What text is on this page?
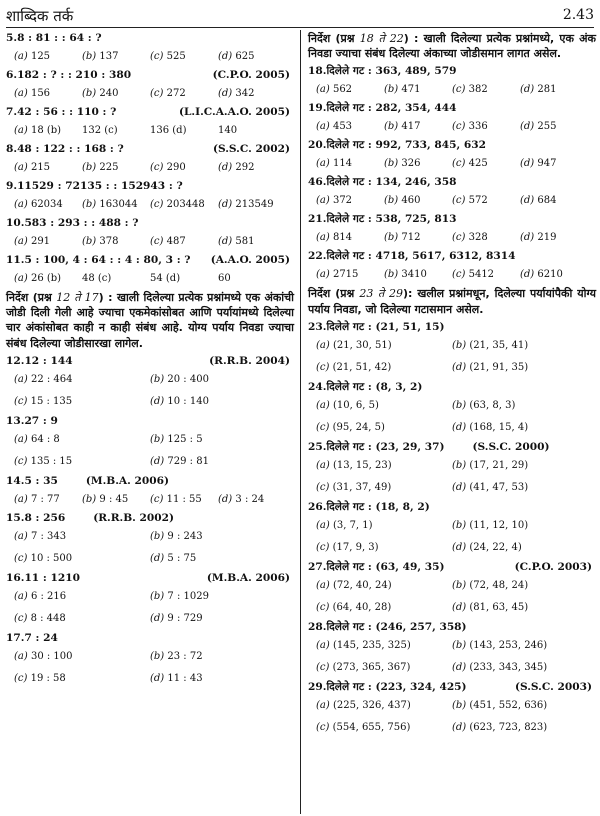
शाब्दिक तर्क	2.43
5.8 : 81 : : 64 : ?
(a) 125	(b) 137	(c) 525	(d) 625
6.182 : ? : : 210 : 380	(C.P.O. 2005)
(a) 156	(b) 240	(c) 272	(d) 342
7.42 : 56 : : 110 : ?	(L.I.C.A.A.O. 2005)
(a) 18 (b) 132 (c)	136 (d)	140
8.48 : 122 : : 168 : ?	(S.S.C. 2002)
(a) 215	(b) 225	(c) 290	(d) 292
9.11529 : 72135 : : 152943 : ?
(a) 62034 (b) 163044 (c) 203448 (d) 213549
10.583 : 293 : : 488 : ?
(a) 291	(b) 378	(c) 487	(d) 581
11.5 : 100, 4 : 64 : : 4 : 80, 3 : ? (A.A.O. 2005)
(a) 26 (b) 48 (c)	54 (d)	60
निर्देश (प्रश्न 12 ते 17) : खाली दिलेल्या प्रत्येक प्रश्नांमध्ये एक अंकांची जोडी दिली गेली आहे ज्याचा एकमेकांसोबत आणि पर्यायांमध्ये दिलेल्या चार अंकांसोबत काही न काही संबंध आहे. योग्य पर्याय निवडा ज्याचा संबंध दिलेल्या जोडीसारखा लागेल.
12.12 : 144	(R.R.B. 2004)
(a) 22 : 464	(b) 20 : 400
(c) 15 : 135	(d) 10 : 140
13.27 : 9
(a) 64 : 8	(b) 125 : 5
(c) 135 : 15	(d) 729 : 81
14.5 : 35	(M.B.A. 2006)
(a) 7 : 77 (b) 9 : 45 (c) 11 : 55 (d) 3 : 24
15.8 : 256	(R.R.B. 2002)
(a) 7 : 343	(b) 9 : 243
(c) 10 : 500	(d) 5 : 75
16.11 : 1210	(M.B.A. 2006)
(a) 6 : 216	(b) 7 : 1029
(c) 8 : 448	(d) 9 : 729
17.7 : 24
(a) 30 : 100	(b) 23 : 72
(c) 19 : 58	(d) 11 : 43
निर्देश (प्रश्न 18 ते 22) : खाली दिलेल्या प्रत्येक प्रश्नांमध्ये, एक अंक निवडा ज्याचा संबंध दिलेल्या अंकाच्या जोडीसमान लागत असेल.
18.दिलेले गट : 363, 489, 579
(a) 562	(b) 471	(c) 382	(d) 281
19.दिलेले गट : 282, 354, 444
(a) 453	(b) 417	(c) 336	(d) 255
20.दिलेले गट : 992, 733, 845, 632
(a) 114	(b) 326	(c) 425	(d) 947
46.दिलेले गट : 134, 246, 358
(a) 372	(b) 460	(c) 572	(d) 684
21.दिलेले गट : 538, 725, 813
(a) 814	(b) 712	(c) 328	(d) 219
22.दिलेले गट : 4718, 5617, 6312, 8314
(a) 2715	(b) 3410	(c) 5412	(d) 6210
निर्देश (प्रश्न 23 ते 29): खलील प्रश्नांमधून, दिलेल्या पर्यायांपैकी योग्य पर्याय निवडा, जो दिलेल्या गटासमान असेल.
23.दिलेले गट : (21, 51, 15)
(a) (21, 30, 51)	(b) (21, 35, 41)
(c) (21, 51, 42)	(d) (21, 91, 35)
24.दिलेले गट : (8, 3, 2)
(a) (10, 6, 5)	(b) (63, 8, 3)
(c) (95, 24, 5)	(d) (168, 15, 4)
25.दिलेले गट : (23, 29, 37)	(S.S.C. 2000)
(a) (13, 15, 23)	(b) (17, 21, 29)
(c) (31, 37, 49)	(d) (41, 47, 53)
26.दिलेले गट : (18, 8, 2)
(a) (3, 7, 1)	(b) (11, 12, 10)
(c) (17, 9, 3)	(d) (24, 22, 4)
27.दिलेले गट : (63, 49, 35)	(C.P.O. 2003)
(a) (72, 40, 24)	(b) (72, 48, 24)
(c) (64, 40, 28)	(d) (81, 63, 45)
28.दिलेले गट : (246, 257, 358)
(a) (145, 235, 325)	(b) (143, 253, 246)
(c) (273, 365, 367)	(d) (233, 343, 345)
29.दिलेले गट : (223, 324, 425)	(S.S.C. 2003)
(a) (225, 326, 437)	(b) (451, 552, 636)
(c) (554, 655, 756)	(d) (623, 723, 823)
